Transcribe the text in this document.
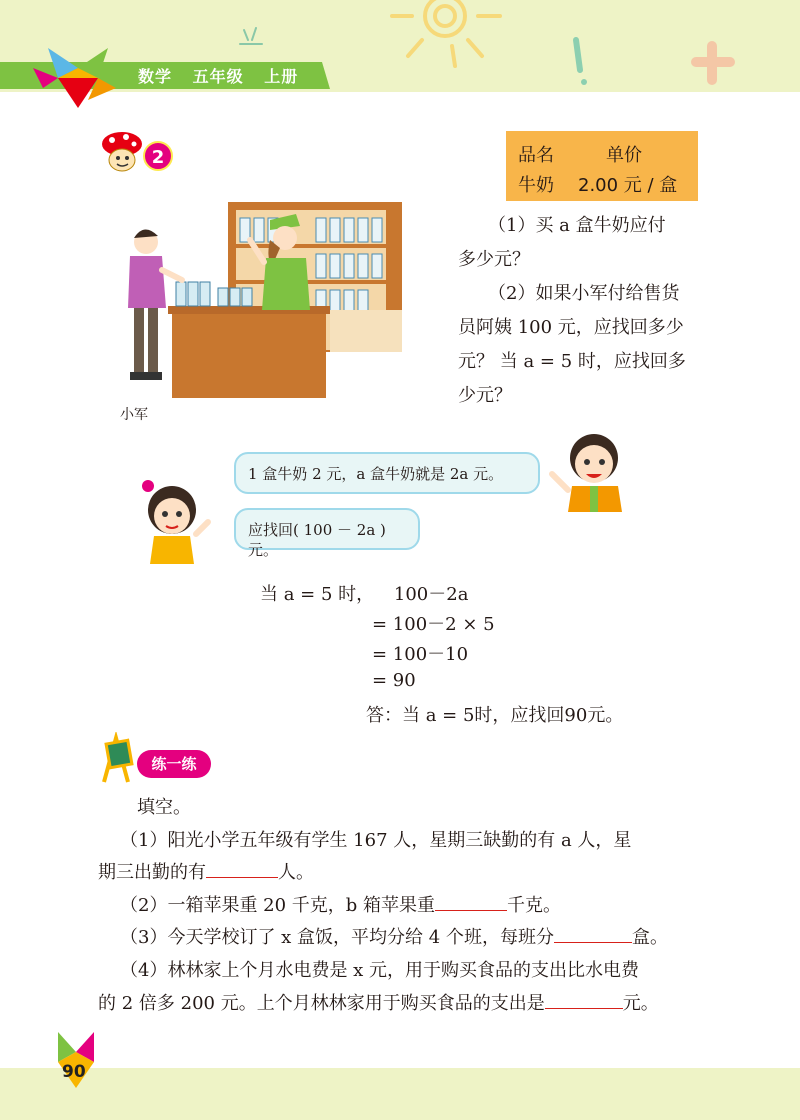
数学 五年级 上册
2	品名	单价
牛奶 2.00 元 / 盒
小军
（1）买 a 盒牛奶应付
多少元？
（2）如果小军付给售货
员阿姨 100 元，应找回多少
元？ 当 a = 5 时，应找回多
少元？
1 盒牛奶 2 元，a 盒牛奶就是 2a 元。
应找回( 100 － 2a )元。
当 a = 5 时， 100－2a
= 100－2 × 5
= 100－10
= 90
答：当 a = 5时，应找回90元。
练一练
填空。
（1）阳光小学五年级有学生 167 人，星期三缺勤的有 a 人，星
期三出勤的有	人。
（2）一箱苹果重 20 千克，b 箱苹果重	千克。
（3）今天学校订了 x 盒饭，平均分给 4 个班，每班分	盒。
（4）林林家上个月水电费是 x 元，用于购买食品的支出比水电费
的 2 倍多 200 元。上个月林林家用于购买食品的支出是	元。
90
